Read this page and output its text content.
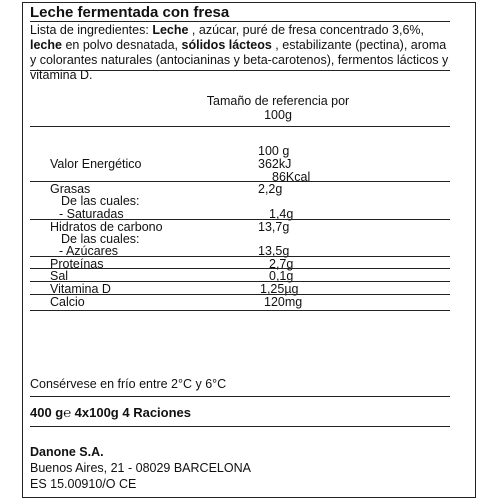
Leche fermentada con fresa
Lista de ingredientes: Leche , azúcar, puré de fresa concentrado 3,6%, leche en polvo desnatada, sólidos lácteos , estabilizante (pectina), aroma y colorantes naturales (antocianinas y beta-carotenos), fermentos lácticos y vitamina D.
Tamaño de referencia por
100g
100 g
Valor Energético	362kJ
86Kcal
Grasas	2,2g
De las cuales:
- Saturadas	1,4g
Hidratos de carbono	13,7g
De las cuales:
- Azúcares	13,5g
Proteínas	2,7g
Sal	0,1g
Vitamina D	1,25µg
Calcio	120mg
Consérvese en frío entre 2°C y 6°C
400 g℮ 4x100g 4 Raciones
Danone S.A.
Buenos Aires, 21 - 08029 BARCELONA
ES 15.00910/O CE
